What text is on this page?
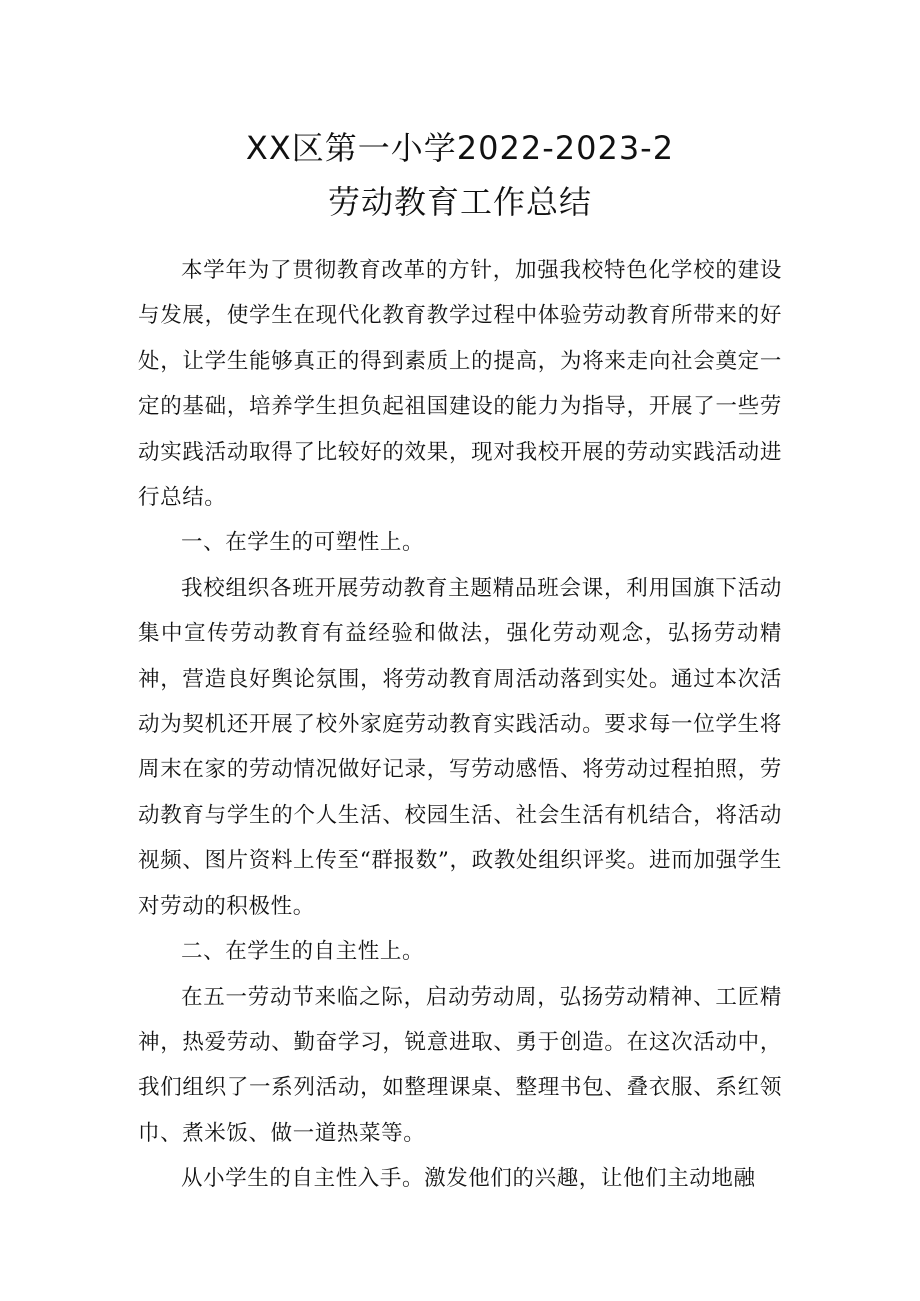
XX区第一小学2022-2023-2
劳动教育工作总结

本学年为了贯彻教育改革的方针，加强我校特色化学校的建设与发展，使学生在现代化教育教学过程中体验劳动教育所带来的好处，让学生能够真正的得到素质上的提高，为将来走向社会奠定一定的基础，培养学生担负起祖国建设的能力为指导，开展了一些劳动实践活动取得了比较好的效果，现对我校开展的劳动实践活动进行总结。

一、在学生的可塑性上。

我校组织各班开展劳动教育主题精品班会课，利用国旗下活动集中宣传劳动教育有益经验和做法，强化劳动观念，弘扬劳动精神，营造良好舆论氛围，将劳动教育周活动落到实处。通过本次活动为契机还开展了校外家庭劳动教育实践活动。要求每一位学生将周末在家的劳动情况做好记录，写劳动感悟、将劳动过程拍照，劳动教育与学生的个人生活、校园生活、社会生活有机结合，将活动视频、图片资料上传至“群报数”，政教处组织评奖。进而加强学生对劳动的积极性。

二、在学生的自主性上。

在五一劳动节来临之际，启动劳动周，弘扬劳动精神、工匠精神，热爱劳动、勤奋学习，锐意进取、勇于创造。在这次活动中，我们组织了一系列活动，如整理课桌、整理书包、叠衣服、系红领巾、煮米饭、做一道热菜等。

从小学生的自主性入手。激发他们的兴趣，让他们主动地融
